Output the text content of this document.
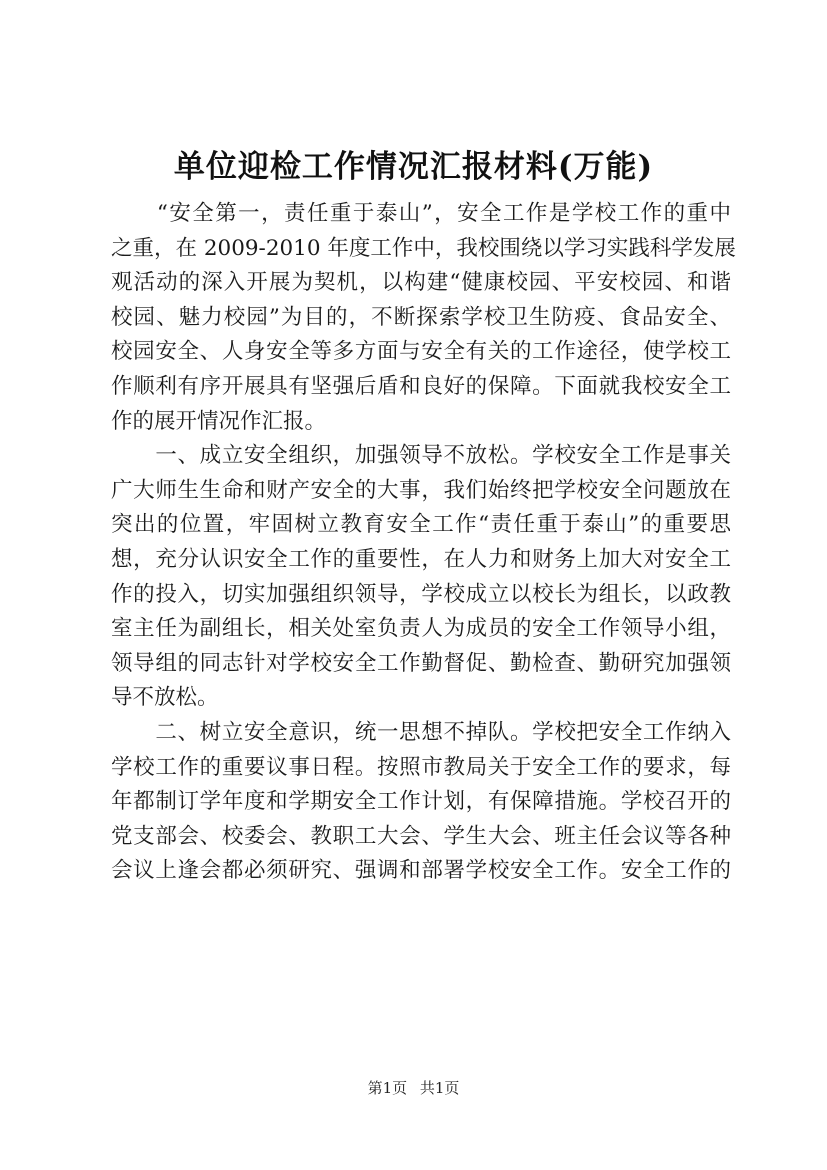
单位迎检工作情况汇报材料(万能)
　　“安全第一，责任重于泰山”，安全工作是学校工作的重中
之重，在 2009-2010 年度工作中，我校围绕以学习实践科学发展
观活动的深入开展为契机，以构建“健康校园、平安校园、和谐
校园、魅力校园”为目的，不断探索学校卫生防疫、食品安全、
校园安全、人身安全等多方面与安全有关的工作途径，使学校工
作顺利有序开展具有坚强后盾和良好的保障。下面就我校安全工
作的展开情况作汇报。
　　一、成立安全组织，加强领导不放松。学校安全工作是事关
广大师生生命和财产安全的大事，我们始终把学校安全问题放在
突出的位置，牢固树立教育安全工作“责任重于泰山”的重要思
想，充分认识安全工作的重要性，在人力和财务上加大对安全工
作的投入，切实加强组织领导，学校成立以校长为组长，以政教
室主任为副组长，相关处室负责人为成员的安全工作领导小组，
领导组的同志针对学校安全工作勤督促、勤检查、勤研究加强领
导不放松。
　　二、树立安全意识，统一思想不掉队。学校把安全工作纳入
学校工作的重要议事日程。按照市教局关于安全工作的要求，每
年都制订学年度和学期安全工作计划，有保障措施。学校召开的
党支部会、校委会、教职工大会、学生大会、班主任会议等各种
会议上逢会都必须研究、强调和部署学校安全工作。安全工作的
第1页 共1页
